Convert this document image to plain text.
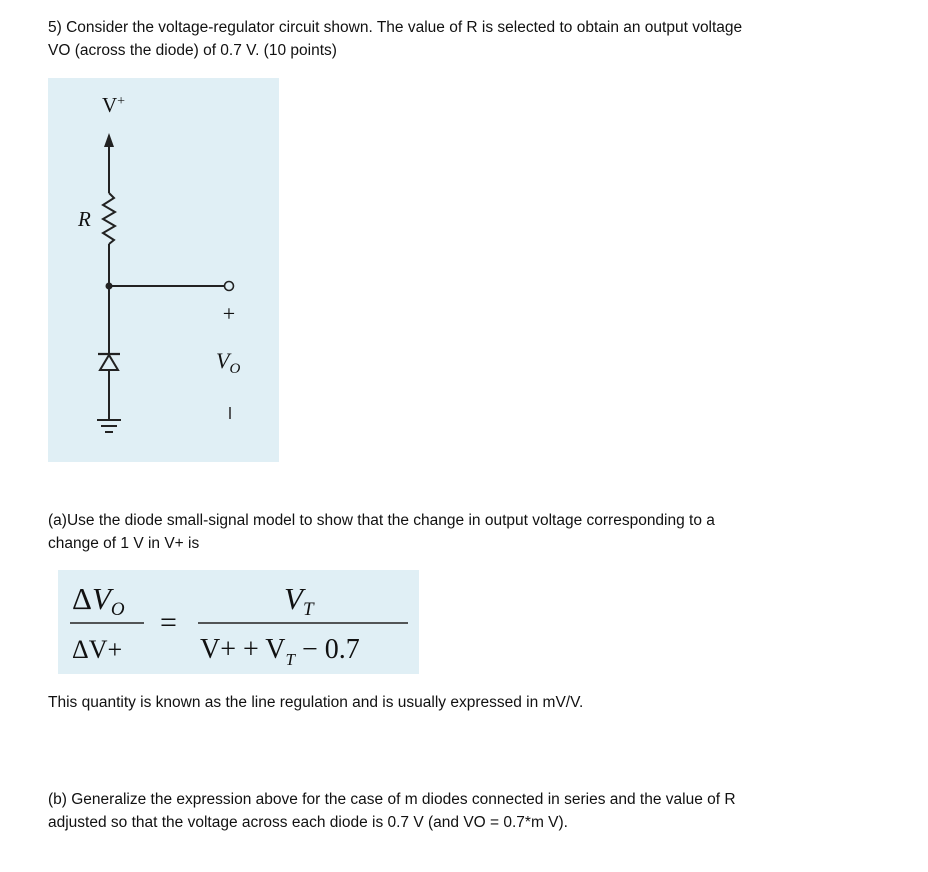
5) Consider the voltage-regulator circuit shown. The value of R is selected to obtain an output voltage
VO (across the diode) of 0.7 V. (10 points)
V+
R
+
$V_O$
(a)Use the diode small-signal model to show that the change in output voltage corresponding to a
change of 1 V in V+ is
ΔVO
ΔV+
=
VT
$V+ + V_T - 0.7$
This quantity is known as the line regulation and is usually expressed in mV/V.
(b) Generalize the expression above for the case of m diodes connected in series and the value of R
adjusted so that the voltage across each diode is 0.7 V (and VO = 0.7*m V).
